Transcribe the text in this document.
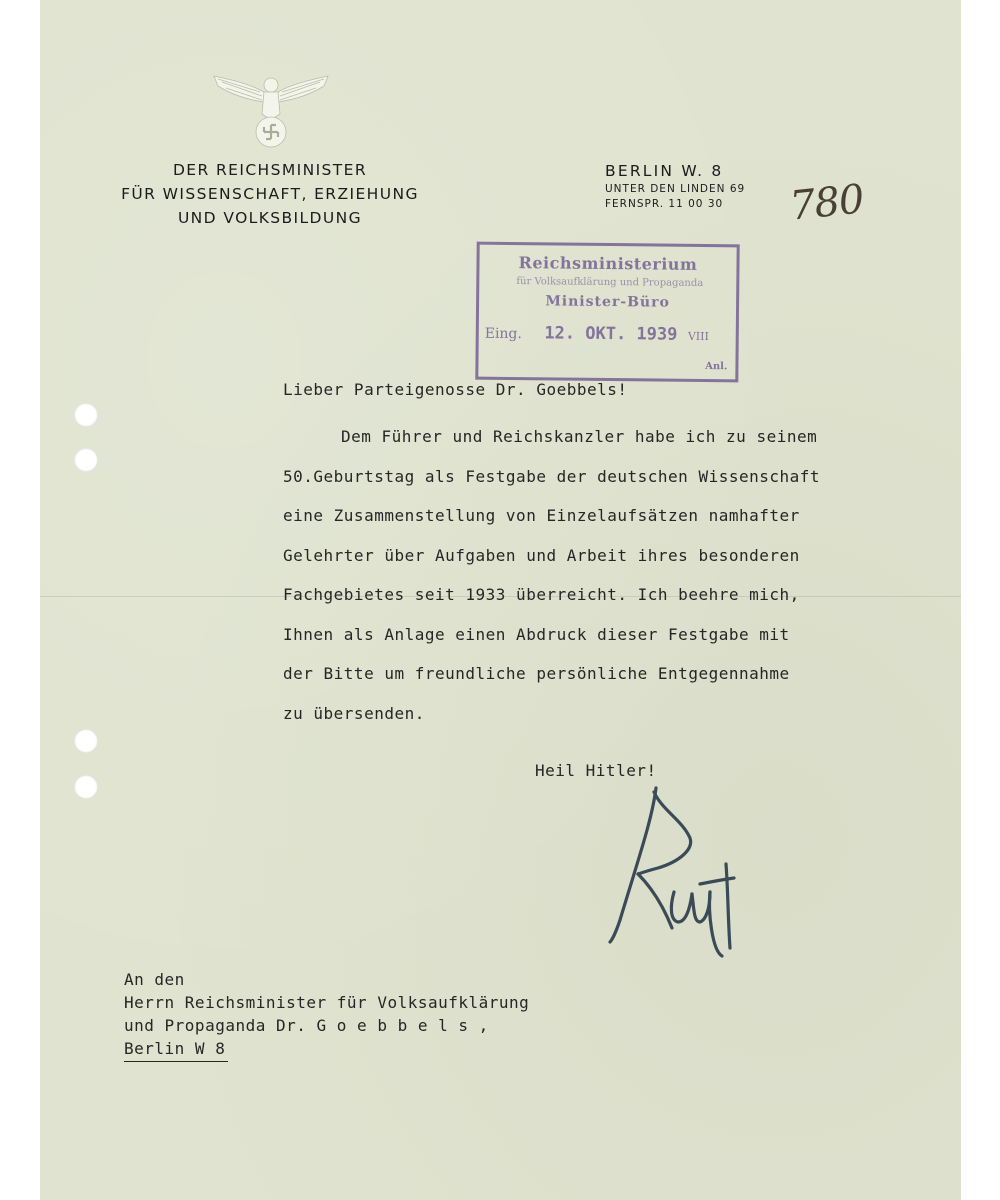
DER REICHSMINISTER
FÜR WISSENSCHAFT, ERZIEHUNG
UND VOLKSBILDUNG
BERLIN W. 8
UNTER DEN LINDEN 69
FERNSPR. 11 00 30	780
Reichsministerium
für Volksaufklärung und Propaganda
Minister-Büro
Eing. 12. OKT. 1939 VIII
Anl.
Lieber Parteigenosse Dr. Goebbels!
Dem Führer und Reichskanzler habe ich zu seinem
50.Geburtstag als Festgabe der deutschen Wissenschaft
eine Zusammenstellung von Einzelaufsätzen namhafter
Gelehrter über Aufgaben und Arbeit ihres besonderen
Fachgebietes seit 1933 überreicht. Ich beehre mich,
Ihnen als Anlage einen Abdruck dieser Festgabe mit
der Bitte um freundliche persönliche Entgegennahme
zu übersenden.
Heil Hitler!
An den
Herrn Reichsminister für Volksaufklärung
und Propaganda Dr. G o e b b e l s ,
Berlin W 8
